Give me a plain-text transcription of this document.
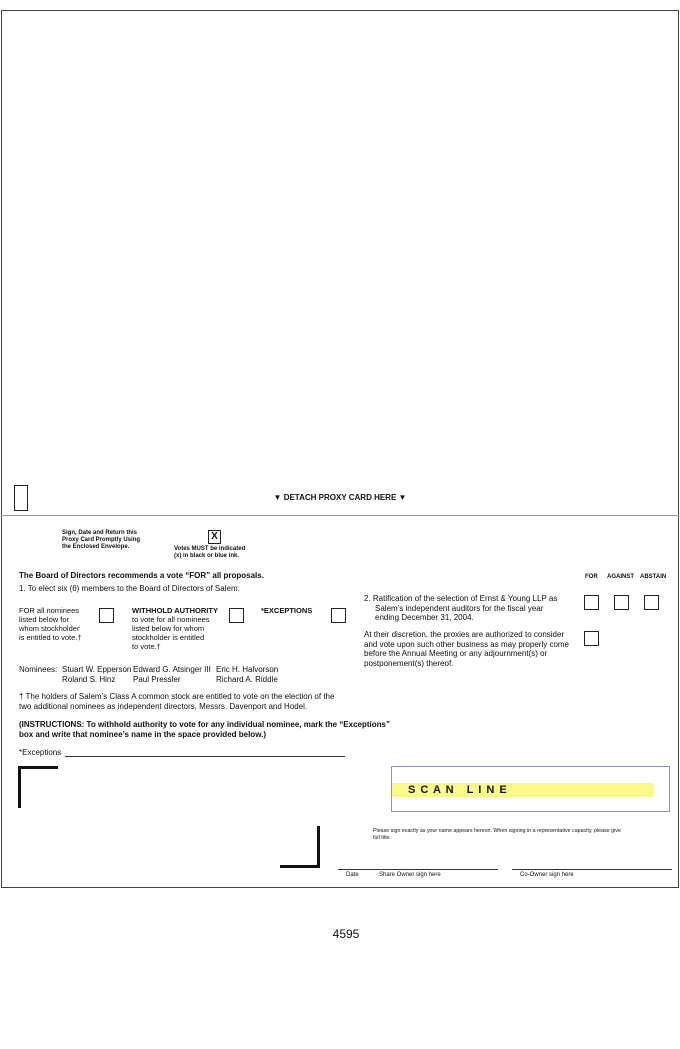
▼ DETACH PROXY CARD HERE ▼
Sign, Date and Return this
Proxy Card Promptly Using
the Enclosed Envelope.
X
Votes MUST be indicated
(x) in black or blue ink.
The Board of Directors recommends a vote “FOR” all proposals.
1. To elect six (6) members to the Board of Directors of Salem:
FOR all nominees
listed below for
whom stockholder
is entitled to vote.†
WITHHOLD AUTHORITY
to vote for all nominees
listed below for whom
stockholder is entitled
to vote.†
*EXCEPTIONS
Nominees: Stuart W. Epperson
Roland S. Hinz
Edward G. Atsinger III
Paul Pressler
Eric H. Halvorson
Richard A. Riddle
† The holders of Salem’s Class A common stock are entitled to vote on the election of the
two additional nominees as independent directors, Messrs. Davenport and Hodel.
(INSTRUCTIONS: To withhold authority to vote for any individual nominee, mark the “Exceptions”
box and write that nominee’s name in the space provided below.)
*Exceptions
FOR AGAINST ABSTAIN
2. Ratification of the selection of Ernst & Young LLP as
Salem’s independent auditors for the fiscal year
ending December 31, 2004.
At their discretion, the proxies are authorized to consider
and vote upon such other business as may properly come
before the Annual Meeting or any adjournment(s) or
postponement(s) thereof.
S C A N   L I N E
Please sign exactly as your name appears hereon. When signing in a representative capacity, please give
full title.
Date	Share Owner sign here	Co-Owner sign here
4595
